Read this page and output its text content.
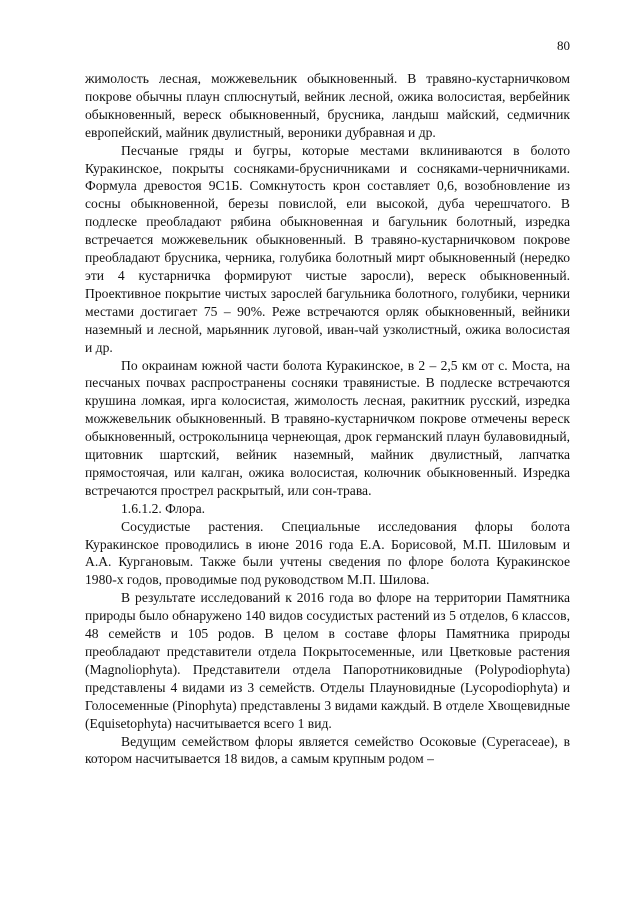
80

жимолость лесная, можжевельник обыкновенный. В травяно-кустарничковом покрове обычны плаун сплюснутый, вейник лесной, ожика волосистая, вербейник обыкновенный, вереск обыкновенный, брусника, ландыш майский, седмичник европейский, майник двулистный, вероники дубравная и др.

Песчаные гряды и бугры, которые местами вклиниваются в болото Куракинское, покрыты сосняками-брусничниками и сосняками-черничниками. Формула древостоя 9С1Б. Сомкнутость крон составляет 0,6, возобновление из сосны обыкновенной, березы повислой, ели высокой, дуба черешчатого. В подлеске преобладают рябина обыкновенная и багульник болотный, изредка встречается можжевельник обыкновенный. В травяно-кустарничковом покрове преобладают брусника, черника, голубика болотный мирт обыкновенный (нередко эти 4 кустарничка формируют чистые заросли), вереск обыкновенный. Проективное покрытие чистых зарослей багульника болотного, голубики, черники местами достигает 75 – 90%. Реже встречаются орляк обыкновенный, вейники наземный и лесной, марьянник луговой, иван-чай узколистный, ожика волосистая и др.

По окраинам южной части болота Куракинское, в 2 – 2,5 км от с. Моста, на песчаных почвах распространены сосняки травянистые. В подлеске встречаются крушина ломкая, ирга колосистая, жимолость лесная, ракитник русский, изредка можжевельник обыкновенный. В травяно-кустарничком покрове отмечены вереск обыкновенный, остроколыница чернеющая, дрок германский плаун булавовидный, щитовник шартский, вейник наземный, майник двулистный, лапчатка прямостоячая, или калган, ожика волосистая, колючник обыкновенный. Изредка встречаются прострел раскрытый, или сон-трава.

1.6.1.2. Флора.

Сосудистые растения. Специальные исследования флоры болота Куракинское проводились в июне 2016 года Е.А. Борисовой, М.П. Шиловым и А.А. Кургановым. Также были учтены сведения по флоре болота Куракинское 1980-х годов, проводимые под руководством М.П. Шилова.

В результате исследований к 2016 года во флоре на территории Памятника природы было обнаружено 140 видов сосудистых растений из 5 отделов, 6 классов, 48 семейств и 105 родов. В целом в составе флоры Памятника природы преобладают представители отдела Покрытосеменные, или Цветковые растения (Magnoliophyta). Представители отдела Папоротниковидные (Polypodiophyta) представлены 4 видами из 3 семейств. Отделы Плауновидные (Lycopodiophyta) и Голосеменные (Pinophyta) представлены 3 видами каждый. В отделе Хвощевидные (Equisetophyta) насчитывается всего 1 вид.

Ведущим семейством флоры является семейство Осоковые (Cyperaceae), в котором насчитывается 18 видов, а самым крупным родом –
